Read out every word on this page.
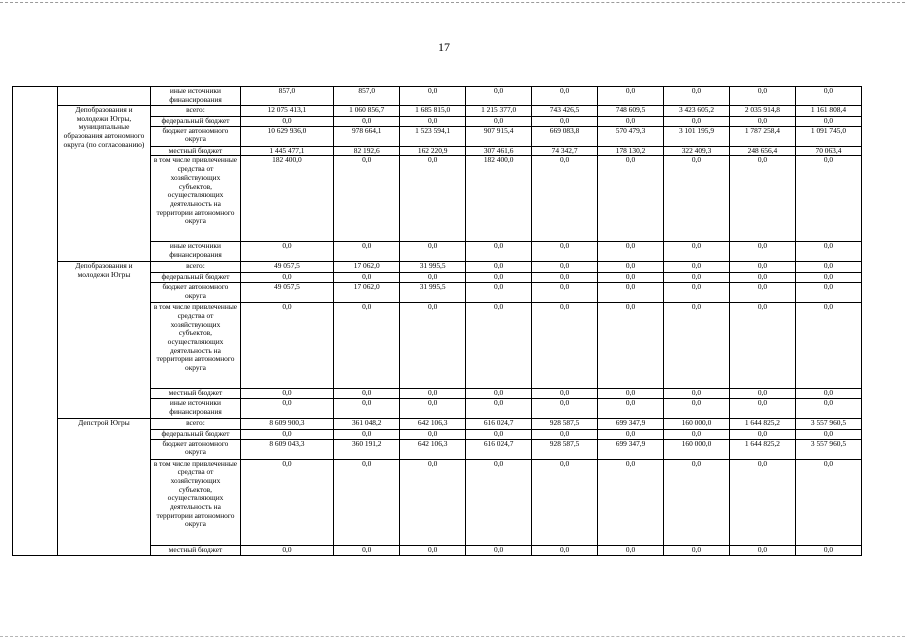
17
		иные источники финансирования	857,0	857,0	0,0	0,0	0,0	0,0	0,0	0,0	0,0
	Депобразования и молодежи Югры, муниципальные образования автономного округа (по согласованию)	всего:	12 075 413,1	1 060 856,7	1 685 815,0	1 215 377,0	743 426,5	748 609,5	3 423 605,2	2 035 914,8	1 161 808,4
		федеральный бюджет	0,0	0,0	0,0	0,0	0,0	0,0	0,0	0,0	0,0
		бюджет автономного округа	10 629 936,0	978 664,1	1 523 594,1	907 915,4	669 083,8	570 479,3	3 101 195,9	1 787 258,4	1 091 745,0
		местный бюджет	1 445 477,1	82 192,6	162 220,9	307 461,6	74 342,7	178 130,2	322 409,3	248 656,4	70 063,4
		в том числе привлеченные средства от хозяйствующих субъектов, осуществляющих деятельность на территории автономного округа	182 400,0	0,0	0,0	182 400,0	0,0	0,0	0,0	0,0	0,0
		иные источники финансирования	0,0	0,0	0,0	0,0	0,0	0,0	0,0	0,0	0,0
	Депобразования и молодежи Югры	всего:	49 057,5	17 062,0	31 995,5	0,0	0,0	0,0	0,0	0,0	0,0
		федеральный бюджет	0,0	0,0	0,0	0,0	0,0	0,0	0,0	0,0	0,0
		бюджет автономного округа	49 057,5	17 062,0	31 995,5	0,0	0,0	0,0	0,0	0,0	0,0
		в том числе привлеченные средства от хозяйствующих субъектов, осуществляющих деятельность на территории автономного округа	0,0	0,0	0,0	0,0	0,0	0,0	0,0	0,0	0,0
		местный бюджет	0,0	0,0	0,0	0,0	0,0	0,0	0,0	0,0	0,0
		иные источники финансирования	0,0	0,0	0,0	0,0	0,0	0,0	0,0	0,0	0,0
	Депстрой Югры	всего:	8 609 900,3	361 048,2	642 106,3	616 024,7	928 587,5	699 347,9	160 000,0	1 644 825,2	3 557 960,5
		федеральный бюджет	0,0	0,0	0,0	0,0	0,0	0,0	0,0	0,0	0,0
		бюджет автономного округа	8 609 043,3	360 191,2	642 106,3	616 024,7	928 587,5	699 347,9	160 000,0	1 644 825,2	3 557 960,5
		в том числе привлеченные средства от хозяйствующих субъектов, осуществляющих деятельность на территории автономного округа	0,0	0,0	0,0	0,0	0,0	0,0	0,0	0,0	0,0
		местный бюджет	0,0	0,0	0,0	0,0	0,0	0,0	0,0	0,0	0,0
